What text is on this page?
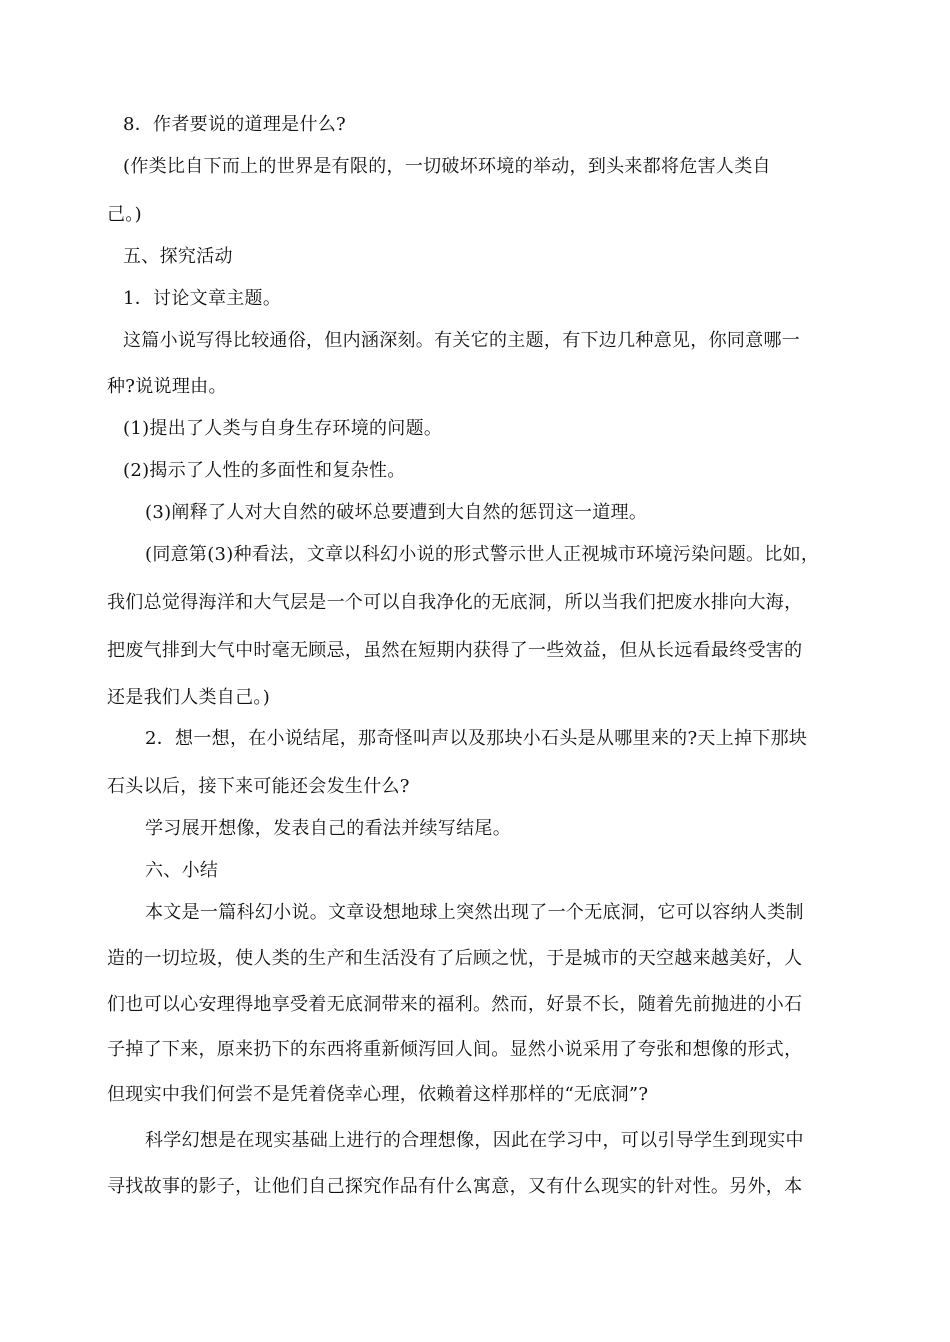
8．作者要说的道理是什么?
(作类比自下而上的世界是有限的，一切破坏环境的举动，到头来都将危害人类自
己。)
五、探究活动
1．讨论文章主题。
这篇小说写得比较通俗，但内涵深刻。有关它的主题，有下边几种意见，你同意哪一
种?说说理由。
(1)提出了人类与自身生存环境的问题。
(2)揭示了人性的多面性和复杂性。
(3)阐释了人对大自然的破坏总要遭到大自然的惩罚这一道理。
(同意第(3)种看法，文章以科幻小说的形式警示世人正视城市环境污染问题。比如，
我们总觉得海洋和大气层是一个可以自我净化的无底洞，所以当我们把废水排向大海，
把废气排到大气中时毫无顾忌，虽然在短期内获得了一些效益，但从长远看最终受害的
还是我们人类自己。)
2．想一想，在小说结尾，那奇怪叫声以及那块小石头是从哪里来的?天上掉下那块
石头以后，接下来可能还会发生什么?
学习展开想像，发表自己的看法并续写结尾。
六、小结
本文是一篇科幻小说。文章设想地球上突然出现了一个无底洞，它可以容纳人类制
造的一切垃圾，使人类的生产和生活没有了后顾之忧，于是城市的天空越来越美好，人
们也可以心安理得地享受着无底洞带来的福利。然而，好景不长，随着先前抛进的小石
子掉了下来，原来扔下的东西将重新倾泻回人间。显然小说采用了夸张和想像的形式，
但现实中我们何尝不是凭着侥幸心理，依赖着这样那样的“无底洞”?
科学幻想是在现实基础上进行的合理想像，因此在学习中，可以引导学生到现实中
寻找故事的影子，让他们自己探究作品有什么寓意，又有什么现实的针对性。另外，本
